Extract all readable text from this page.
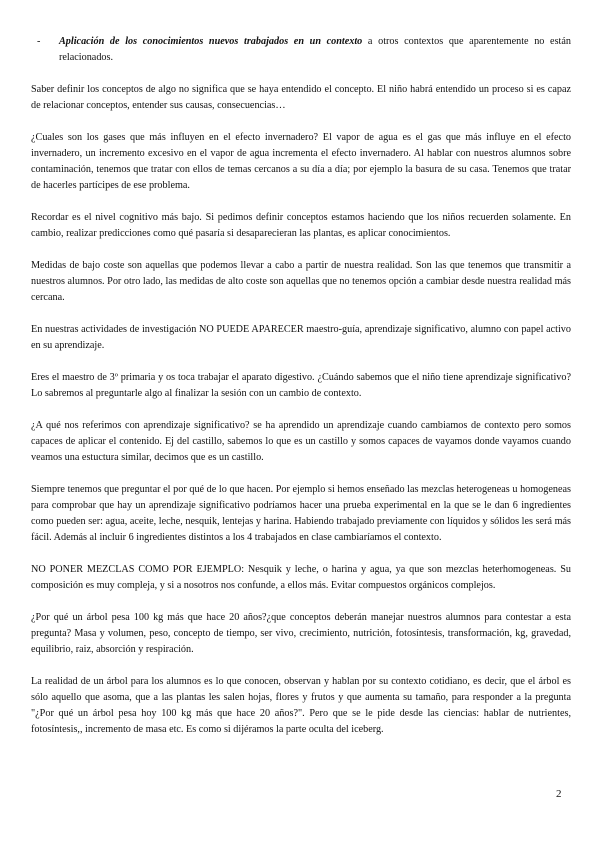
-	Aplicación de los conocimientos nuevos trabajados en un contexto a otros contextos que aparentemente no están relacionados.

Saber definir los conceptos de algo no significa que se haya entendido el concepto. El niño habrá entendido un proceso si es capaz de relacionar conceptos, entender sus causas, consecuencias…

¿Cuales son los gases que más influyen en el efecto invernadero? El vapor de agua es el gas que más influye en el efecto invernadero, un incremento excesivo en el vapor de agua incrementa el efecto invernadero. Al hablar con nuestros alumnos sobre contaminación, tenemos que tratar con ellos de temas cercanos a su día a día; por ejemplo la basura de su casa. Tenemos que tratar de hacerles partícipes de ese problema.

Recordar es el nivel cognitivo más bajo. Si pedimos definir conceptos estamos haciendo que los niños recuerden solamente. En cambio, realizar predicciones como qué pasaría si desaparecieran las plantas, es aplicar conocimientos.

Medidas de bajo coste son aquellas que podemos llevar a cabo a partir de nuestra realidad. Son las que tenemos que transmitir a nuestros alumnos. Por otro lado, las medidas de alto coste son aquellas que no tenemos opción a cambiar desde nuestra realidad más cercana.

En nuestras actividades de investigación NO PUEDE APARECER maestro-guía, aprendizaje significativo, alumno con papel activo en su aprendizaje.

Eres el maestro de 3º primaria y os toca trabajar el aparato digestivo. ¿Cuándo sabemos que el niño tiene aprendizaje significativo? Lo sabremos al preguntarle algo al finalizar la sesión con un cambio de contexto.

¿A qué nos referimos con aprendizaje significativo? se ha aprendido un aprendizaje cuando cambiamos de contexto pero somos capaces de aplicar el contenido. Ej del castillo, sabemos lo que es un castillo y somos capaces de vayamos donde vayamos cuando veamos una estuctura similar, decimos que es un castillo.

Siempre tenemos que preguntar el por qué de lo que hacen. Por ejemplo si hemos enseñado las mezclas heterogeneas u homogeneas para comprobar que hay un aprendizaje significativo podríamos hacer una prueba experimental en la que se le dan 6 ingredientes como pueden ser: agua, aceite, leche, nesquik, lentejas y harina. Habiendo trabajado previamente con líquidos y sólidos les será más fácil. Además al incluir 6 ingredientes distintos a los 4 trabajados en clase cambiaríamos el contexto.

NO PONER MEZCLAS COMO POR EJEMPLO: Nesquik y leche, o harina y agua, ya que son mezclas heterhomogeneas. Su composición es muy compleja, y si a nosotros nos confunde, a ellos más. Evitar compuestos orgánicos complejos.

¿Por qué un árbol pesa 100 kg más que hace 20 años?¿que conceptos deberán manejar nuestros alumnos para contestar a esta pregunta? Masa y volumen, peso, concepto de tiempo, ser vivo, crecimiento, nutrición, fotosíntesis, transformación, kg, gravedad, equilibrio, raiz, absorción y respiración.

La realidad de un árbol para los alumnos es lo que conocen, observan y hablan por su contexto cotidiano, es decir, que el árbol es sólo aquello que asoma, que a las plantas les salen hojas, flores y frutos y que aumenta su tamaño, para responder a la pregunta "¿Por qué un árbol pesa hoy 100 kg más que hace 20 años?". Pero que se le pide desde las ciencias: hablar de nutrientes, fotosíntesis,, incremento de masa etc. Es como si dijéramos la parte oculta del iceberg.

2
